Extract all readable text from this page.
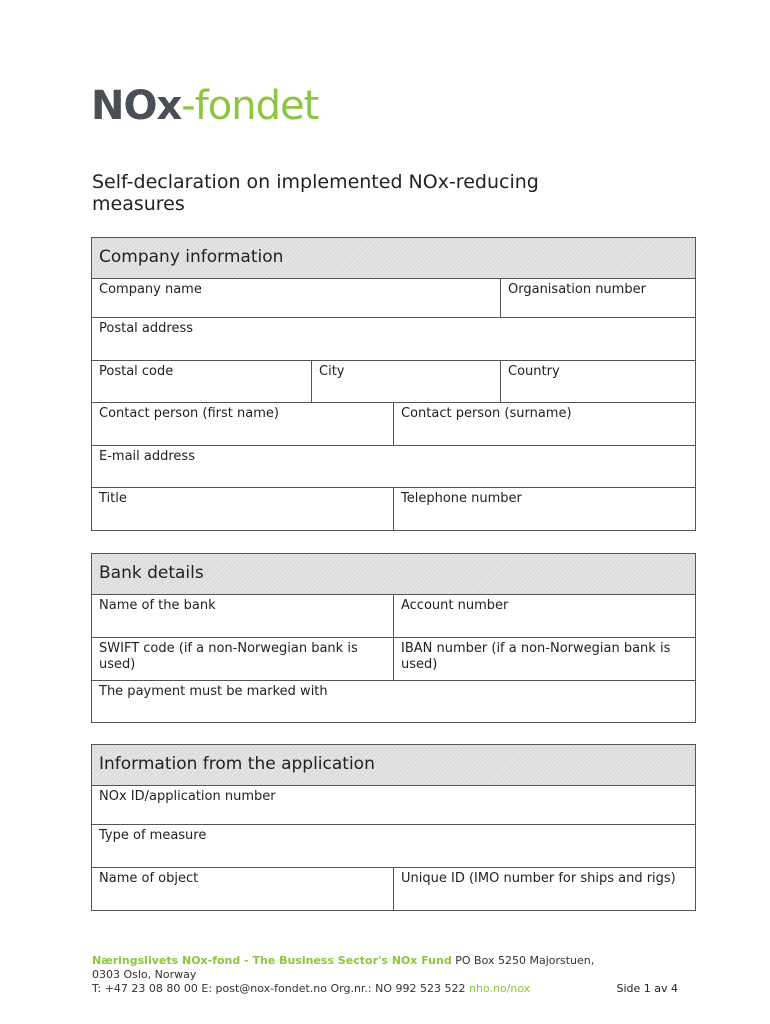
NOx-fondet
Self-declaration on implemented NOx-reducing measures
Company information			
Company name			Organisation number
Postal address			
Postal code	City		Country
Contact person (first name)		Contact person (surname)	
E-mail address			
Title		Telephone number	
Bank details	
Name of the bank	Account number
SWIFT code (if a non-Norwegian bank is used)	IBAN number (if a non-Norwegian bank is used)
The payment must be marked with	
Information from the application
NOx ID/application number
Type of measure
Name of object	Unique ID (IMO number for ships and rigs)
Næringslivets NOx-fond - The Business Sector's NOx Fund PO Box 5250 Majorstuen,
0303 Oslo, Norway
T: +47 23 08 80 00 E: post@nox-fondet.no Org.nr.: NO 992 523 522 nho.no/nox	Side 1 av 4
